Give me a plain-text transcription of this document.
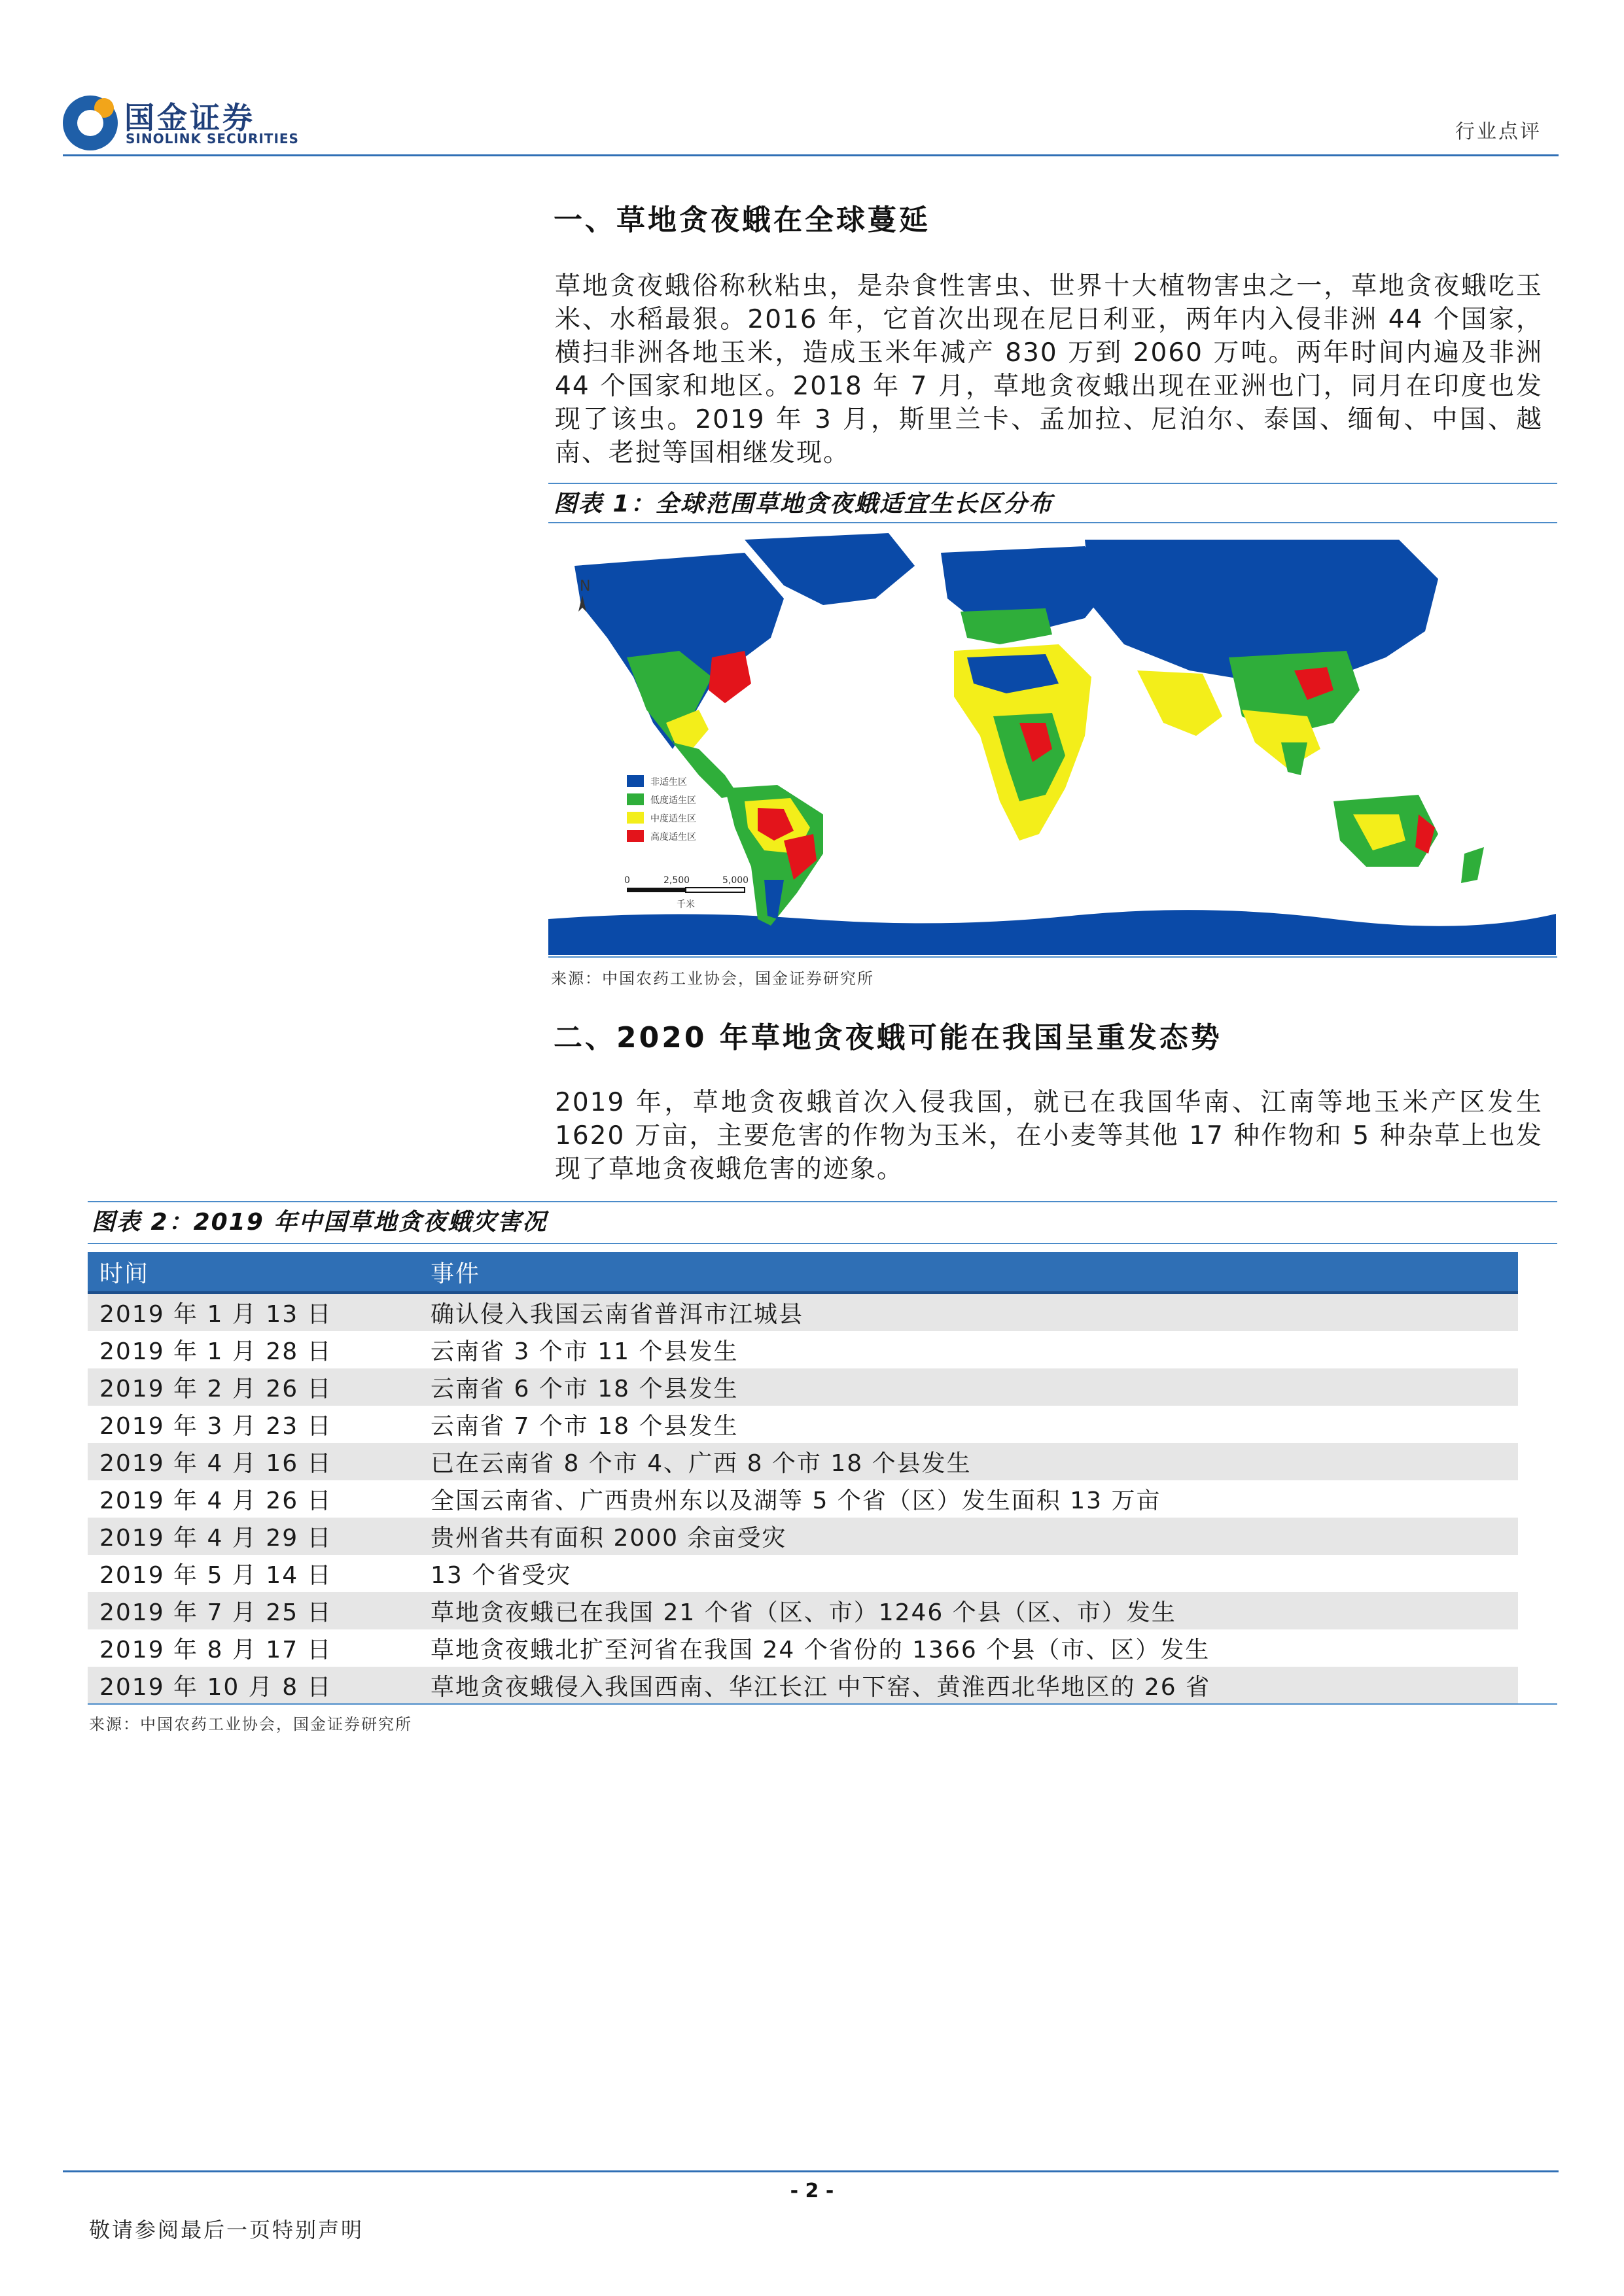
国金证券
SINOLINK SECURITIES	行业点评
一、草地贪夜蛾在全球蔓延
草地贪夜蛾俗称秋粘虫，是杂食性害虫、世界十大植物害虫之一，草地贪夜蛾吃玉米、水稻最狠。2016 年，它首次出现在尼日利亚，两年内入侵非洲 44 个国家，横扫非洲各地玉米，造成玉米年减产 830 万到 2060 万吨。两年时间内遍及非洲 44 个国家和地区。2018 年 7 月，草地贪夜蛾出现在亚洲也门，同月在印度也发现了该虫。2019 年 3 月，斯里兰卡、孟加拉、尼泊尔、泰国、缅甸、中国、越南、老挝等国相继发现。
图表 1：全球范围草地贪夜蛾适宜生长区分布
N
非适生区
低度适生区
中度适生区
高度适生区
0	2,500	5,000
千米
来源：中国农药工业协会，国金证券研究所
二、2020 年草地贪夜蛾可能在我国呈重发态势
2019 年，草地贪夜蛾首次入侵我国，就已在我国华南、江南等地玉米产区发生 1620 万亩，主要危害的作物为玉米，在小麦等其他 17 种作物和 5 种杂草上也发现了草地贪夜蛾危害的迹象。
图表 2：2019 年中国草地贪夜蛾灾害况
时间	事件
2019 年 1 月 13 日	确认侵入我国云南省普洱市江城县
2019 年 1 月 28 日	云南省 3 个市 11 个县发生
2019 年 2 月 26 日	云南省 6 个市 18 个县发生
2019 年 3 月 23 日	云南省 7 个市 18 个县发生
2019 年 4 月 16 日	已在云南省 8 个市 4、广西 8 个市 18 个县发生
2019 年 4 月 26 日	全国云南省、广西贵州东以及湖等 5 个省（区）发生面积 13 万亩
2019 年 4 月 29 日	贵州省共有面积 2000 余亩受灾
2019 年 5 月 14 日	13 个省受灾
2019 年 7 月 25 日	草地贪夜蛾已在我国 21 个省（区、市）1246 个县（区、市）发生
2019 年 8 月 17 日	草地贪夜蛾北扩至河省在我国 24 个省份的 1366 个县（市、区）发生
2019 年 10 月 8 日	草地贪夜蛾侵入我国西南、华江长江 中下窑、黄淮西北华地区的 26 省
来源：中国农药工业协会，国金证券研究所
- 2 -
敬请参阅最后一页特别声明
